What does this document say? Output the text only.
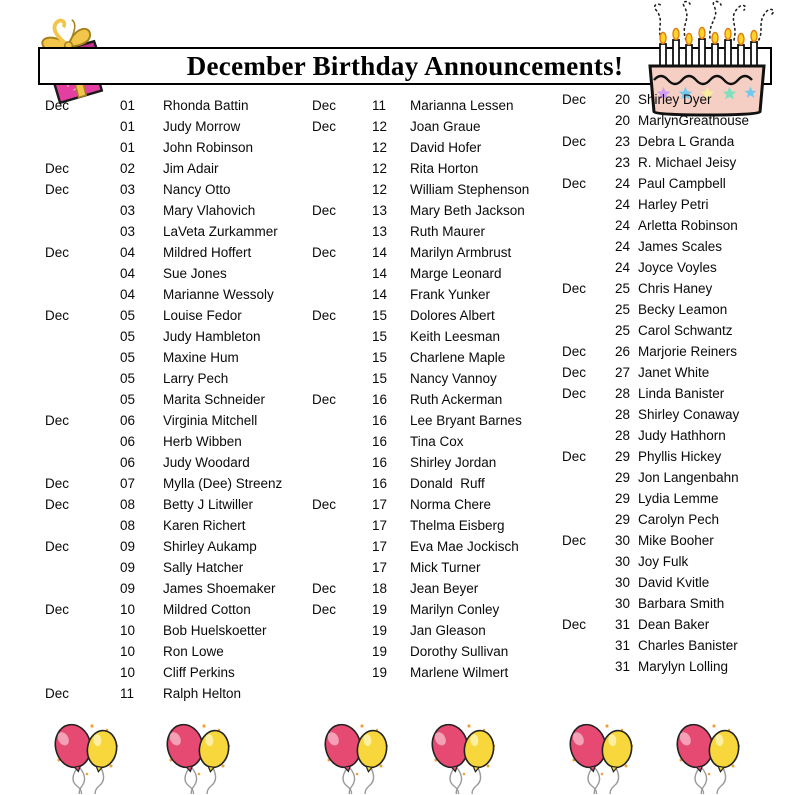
December Birthday Announcements!
Dec	01	Rhonda Battin
01	Judy Morrow
01	John Robinson
Dec	02	Jim Adair
Dec	03	Nancy Otto
03	Mary Vlahovich
03	LaVeta Zurkammer
Dec	04	Mildred Hoffert
04	Sue Jones
04	Marianne Wessoly
Dec	05	Louise Fedor
05	Judy Hambleton
05	Maxine Hum
05	Larry Pech
05	Marita Schneider
Dec	06	Virginia Mitchell
06	Herb Wibben
06	Judy Woodard
Dec	07	Mylla (Dee) Streenz
Dec	08	Betty J Litwiller
08	Karen Richert
Dec	09	Shirley Aukamp
09	Sally Hatcher
09	James Shoemaker
Dec	10	Mildred Cotton
10	Bob Huelskoetter
10	Ron Lowe
10	Cliff Perkins
Dec	11	Ralph Helton
Dec	11	Marianna Lessen
Dec	12	Joan Graue
12	David Hofer
12	Rita Horton
12	William Stephenson
Dec	13	Mary Beth Jackson
13	Ruth Maurer
Dec	14	Marilyn Armbrust
14	Marge Leonard
14	Frank Yunker
Dec	15	Dolores Albert
15	Keith Leesman
15	Charlene Maple
15	Nancy Vannoy
Dec	16	Ruth Ackerman
16	Lee Bryant Barnes
16	Tina Cox
16	Shirley Jordan
16	Donald  Ruff
Dec	17	Norma Chere
17	Thelma Eisberg
17	Eva Mae Jockisch
17	Mick Turner
Dec	18	Jean Beyer
Dec	19	Marilyn Conley
19	Jan Gleason
19	Dorothy Sullivan
19	Marlene Wilmert
Dec	20 Shirley Dyer
20 MarlynGreathouse
Dec	23 Debra L Granda
23 R. Michael Jeisy
Dec	24 Paul Campbell
24 Harley Petri
24 Arletta Robinson
24 James Scales
24 Joyce Voyles
Dec	25 Chris Haney
25 Becky Leamon
25 Carol Schwantz
Dec	26 Marjorie Reiners
Dec	27 Janet White
Dec	28 Linda Banister
28 Shirley Conaway
28 Judy Hathhorn
Dec	29 Phyllis Hickey
29 Jon Langenbahn
29 Lydia Lemme
29 Carolyn Pech
Dec	30 Mike Booher
30 Joy Fulk
30 David Kvitle
30 Barbara Smith
Dec	31 Dean Baker
31 Charles Banister
31 Marylyn Lolling
